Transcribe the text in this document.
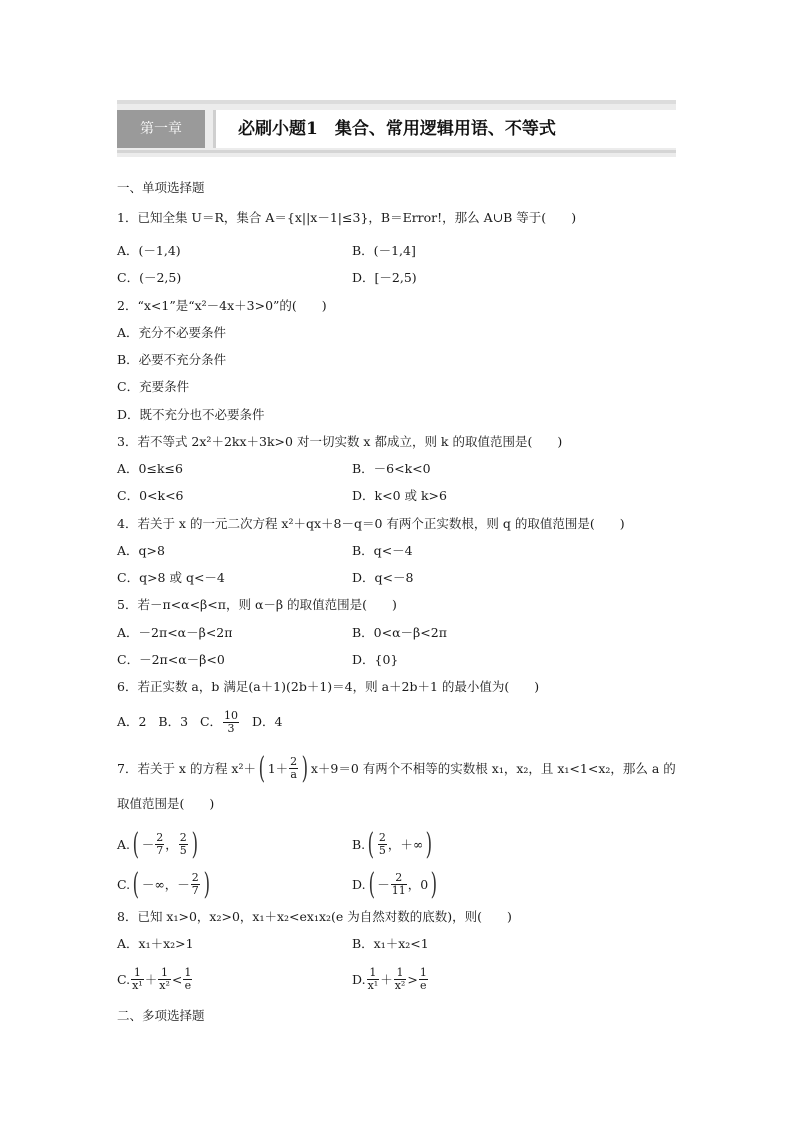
第一章	必刷小题1　集合、常用逻辑用语、不等式
一、单项选择题
1．已知全集 U＝R，集合 A＝{x||x－1|≤3}，B＝Error!，那么 A∪B 等于(　　)
A．(－1,4)	B．(－1,4]
C．(－2,5)	D．[－2,5)
2．“x<1”是“x²－4x＋3>0”的(　　)
A．充分不必要条件
B．必要不充分条件
C．充要条件
D．既不充分也不必要条件
3．若不等式 2x²＋2kx＋3k>0 对一切实数 x 都成立，则 k 的取值范围是(　　)
A．0≤k≤6	B．－6<k<0
C．0<k<6	D．k<0 或 k>6
4．若关于 x 的一元二次方程 x²＋qx＋8－q＝0 有两个正实数根，则 q 的取值范围是(　　)
A．q>8	B．q<－4
C．q>8 或 q<－4	D．q<－8
5．若－π<α<β<π，则 α－β 的取值范围是(　　)
A．－2π<α－β<2π	B．0<α－β<2π
C．－2π<α－β<0	D．{0}
6．若正实数 a，b 满足(a＋1)(2b＋1)＝4，则 a＋2b＋1 的最小值为(　　)
A．2 B．3 C． $\frac{10}{3}$ D．4
7．若关于 x 的方程 x²＋( $1+ \frac{2}{a}$ ) x＋9＝0 有两个不相等的实数根 x₁，x₂，且 x₁<1<x₂，那么 a 的
取值范围是(　　)
$A.( - \frac{2}{7}$ ， $\frac{2}{5}$ )	$B.( \frac{2}{5}$ ，＋∞)
C.( －∞，－ $\frac{2}{7}$ )	$D.( - \frac{2}{11}$ ，0)
8．已知 x₁>0，x₂>0，x₁＋x₂<ex₁x₂(e 为自然对数的底数)，则(　　)
A．x₁＋x₂>1	B．x₁＋x₂<1
C. $\frac{1}{\text{x¹}} + \frac{1}{\text{x²}} < \frac{1}{e}$	D. $\frac{1}{\text{x¹}} + \frac{1}{\text{x²}} > \frac{1}{e}$
二、多项选择题
